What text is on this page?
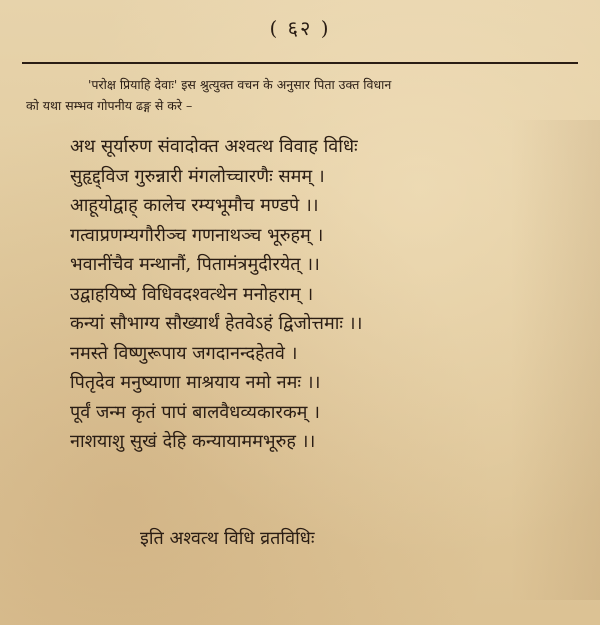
( ६२ )
'परोक्ष प्रियाहि देवाः' इस श्रुत्युक्त वचन के अनुसार पिता उक्त विधान
को यथा सम्भव गोपनीय ढङ्ग से करे –
अथ सूर्यारुण संवादोक्त अश्वत्थ विवाह विधिः
सुहृद्द्विज गुरुन्नारी मंगलोच्चारणैः समम् ।
आहूयोद्वाह् कालेच रम्यभूमौच मण्डपे ।।
गत्वाप्रणम्यगौरीञ्च गणनाथञ्च भूरुहम् ।
भवानींचैव मन्थानौं, पितामंत्रमुदीरयेत् ।।
उद्वाहयिष्ये विधिवदश्वत्थेन मनोहराम् ।
कन्यां सौभाग्य सौख्यार्थं हेतवेऽहं द्विजोत्तमाः ।।
नमस्ते विष्णुरूपाय जगदानन्दहेतवे ।
पितृदेव मनुष्याणा माश्रयाय नमो नमः ।।
पूर्वं जन्म कृतं पापं बालवैधव्यकारकम् ।
नाशयाशु सुखं देहि कन्यायाममभूरुह ।।
इति अश्वत्थ विधि व्रतविधिः
